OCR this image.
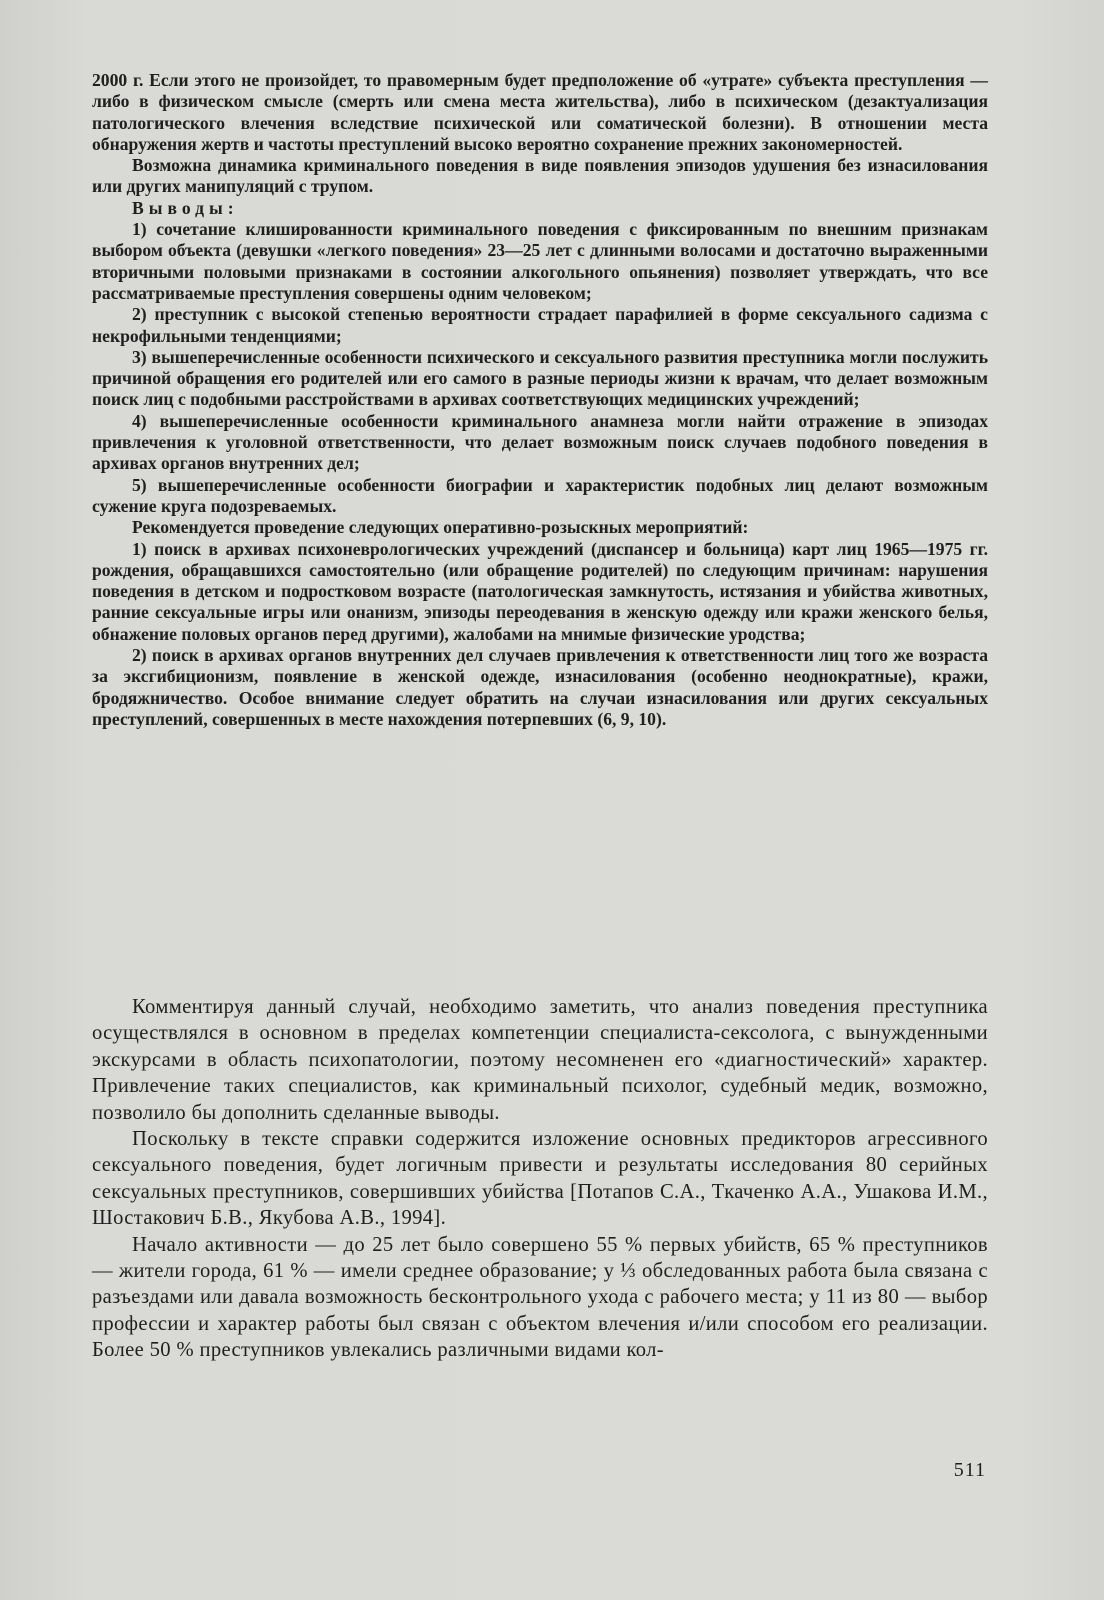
2000 г. Если этого не произойдет, то правомерным будет предположение об «утрате» субъекта преступления — либо в физическом смысле (смерть или смена места жительства), либо в психическом (дезактуализация патологического влечения вследствие психической или соматической болезни). В отношении места обнаружения жертв и частоты преступлений высоко вероятно сохранение прежних закономерностей.

Возможна динамика криминального поведения в виде появления эпизодов удушения без изнасилования или других манипуляций с трупом.

Выводы:

1) сочетание клишированности криминального поведения с фиксированным по внешним признакам выбором объекта (девушки «легкого поведения» 23—25 лет с длинными волосами и достаточно выраженными вторичными половыми признаками в состоянии алкогольного опьянения) позволяет утверждать, что все рассматриваемые преступления совершены одним человеком;

2) преступник с высокой степенью вероятности страдает парафилией в форме сексуального садизма с некрофильными тенденциями;

3) вышеперечисленные особенности психического и сексуального развития преступника могли послужить причиной обращения его родителей или его самого в разные периоды жизни к врачам, что делает возможным поиск лиц с подобными расстройствами в архивах соответствующих медицинских учреждений;

4) вышеперечисленные особенности криминального анамнеза могли найти отражение в эпизодах привлечения к уголовной ответственности, что делает возможным поиск случаев подобного поведения в архивах органов внутренних дел;

5) вышеперечисленные особенности биографии и характеристик подобных лиц делают возможным сужение круга подозреваемых.

Рекомендуется проведение следующих оперативно-розыскных мероприятий:

1) поиск в архивах психоневрологических учреждений (диспансер и больница) карт лиц 1965—1975 гг. рождения, обращавшихся самостоятельно (или обращение родителей) по следующим причинам: нарушения поведения в детском и подростковом возрасте (патологическая замкнутость, истязания и убийства животных, ранние сексуальные игры или онанизм, эпизоды переодевания в женскую одежду или кражи женского белья, обнажение половых органов перед другими), жалобами на мнимые физические уродства;

2) поиск в архивах органов внутренних дел случаев привлечения к ответственности лиц того же возраста за эксгибиционизм, появление в женской одежде, изнасилования (особенно неоднократные), кражи, бродяжничество. Особое внимание следует обратить на случаи изнасилования или других сексуальных преступлений, совершенных в месте нахождения потерпевших (6, 9, 10).

Комментируя данный случай, необходимо заметить, что анализ поведения преступника осуществлялся в основном в пределах компетенции специалиста-сексолога, с вынужденными экскурсами в область психопатологии, поэтому несомненен его «диагностический» характер. Привлечение таких специалистов, как криминальный психолог, судебный медик, возможно, позволило бы дополнить сделанные выводы.

Поскольку в тексте справки содержится изложение основных предикторов агрессивного сексуального поведения, будет логичным привести и результаты исследования 80 серийных сексуальных преступников, совершивших убийства [Потапов С.А., Ткаченко А.А., Ушакова И.М., Шостакович Б.В., Якубова А.В., 1994].

Начало активности — до 25 лет было совершено 55 % первых убийств, 65 % преступников — жители города, 61 % — имели среднее образование; у ⅓ обследованных работа была связана с разъездами или давала возможность бесконтрольного ухода с рабочего места; у 11 из 80 — выбор профессии и характер работы был связан с объектом влечения и/или способом его реализации. Более 50 % преступников увлекались различными видами кол-

511
